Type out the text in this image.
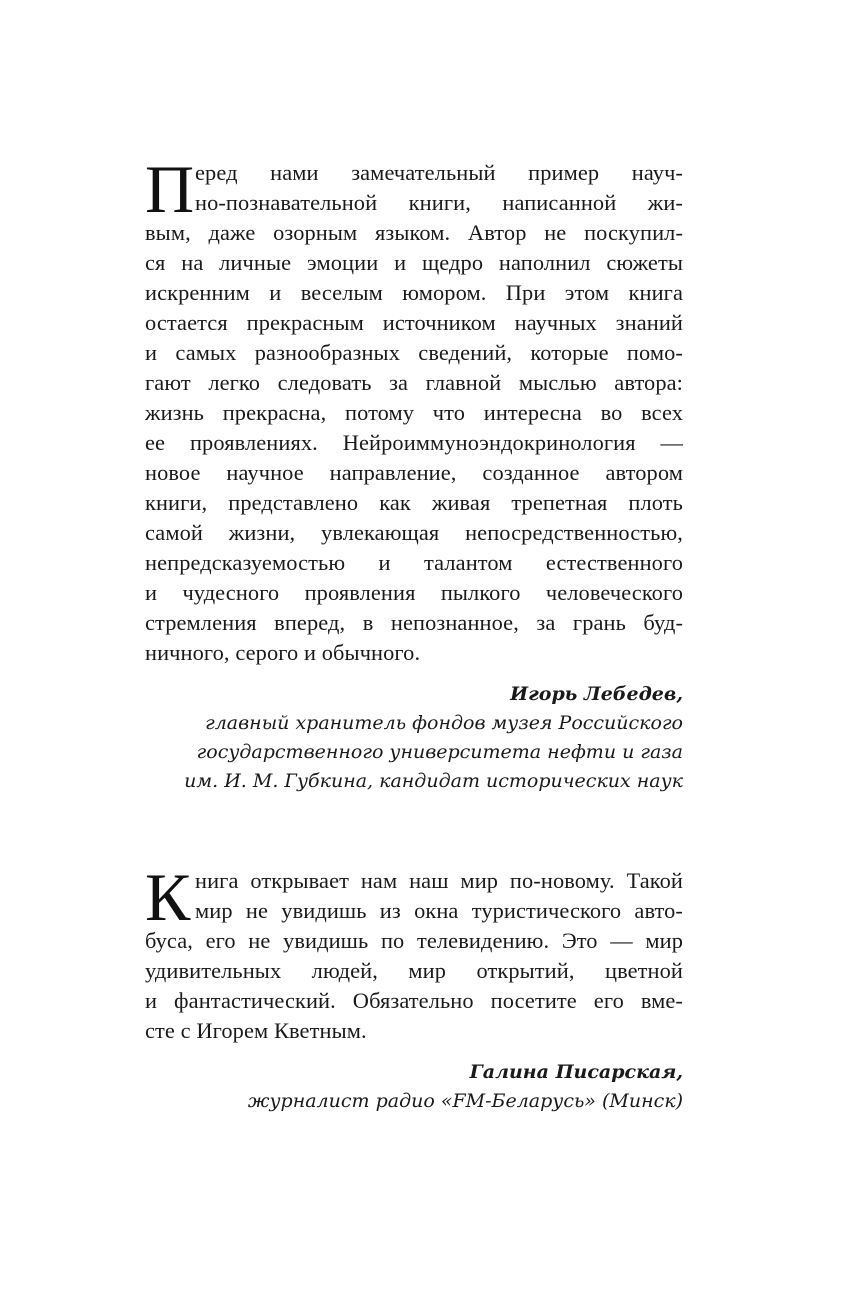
П еред нами замечательный пример науч-
но-познавательной книги, написанной жи-
вым, даже озорным языком. Автор не поскупил-
ся на личные эмоции и щедро наполнил сюжеты
искренним и веселым юмором. При этом книга
остается прекрасным источником научных знаний
и самых разнообразных сведений, которые помо-
гают легко следовать за главной мыслью автора:
жизнь прекрасна, потому что интересна во всех
ее проявлениях. Нейроиммуноэндокринология —
новое научное направление, созданное автором
книги, представлено как живая трепетная плоть
самой жизни, увлекающая непосредственностью,
непредсказуемостью и талантом естественного
и чудесного проявления пылкого человеческого
стремления вперед, в непознанное, за грань буд-
ничного, серого и обычного.
Игорь Лебедев,
главный хранитель фондов музея Российского
государственного университета нефти и газа
им. И. М. Губкина, кандидат исторических наук
К нига открывает нам наш мир по-новому. Такой
мир не увидишь из окна туристического авто-
буса, его не увидишь по телевидению. Это — мир
удивительных людей, мир открытий, цветной
и фантастический. Обязательно посетите его вме-
сте с Игорем Кветным.
Галина Писарская,
журналист радио «FM-Беларусь» (Минск)
